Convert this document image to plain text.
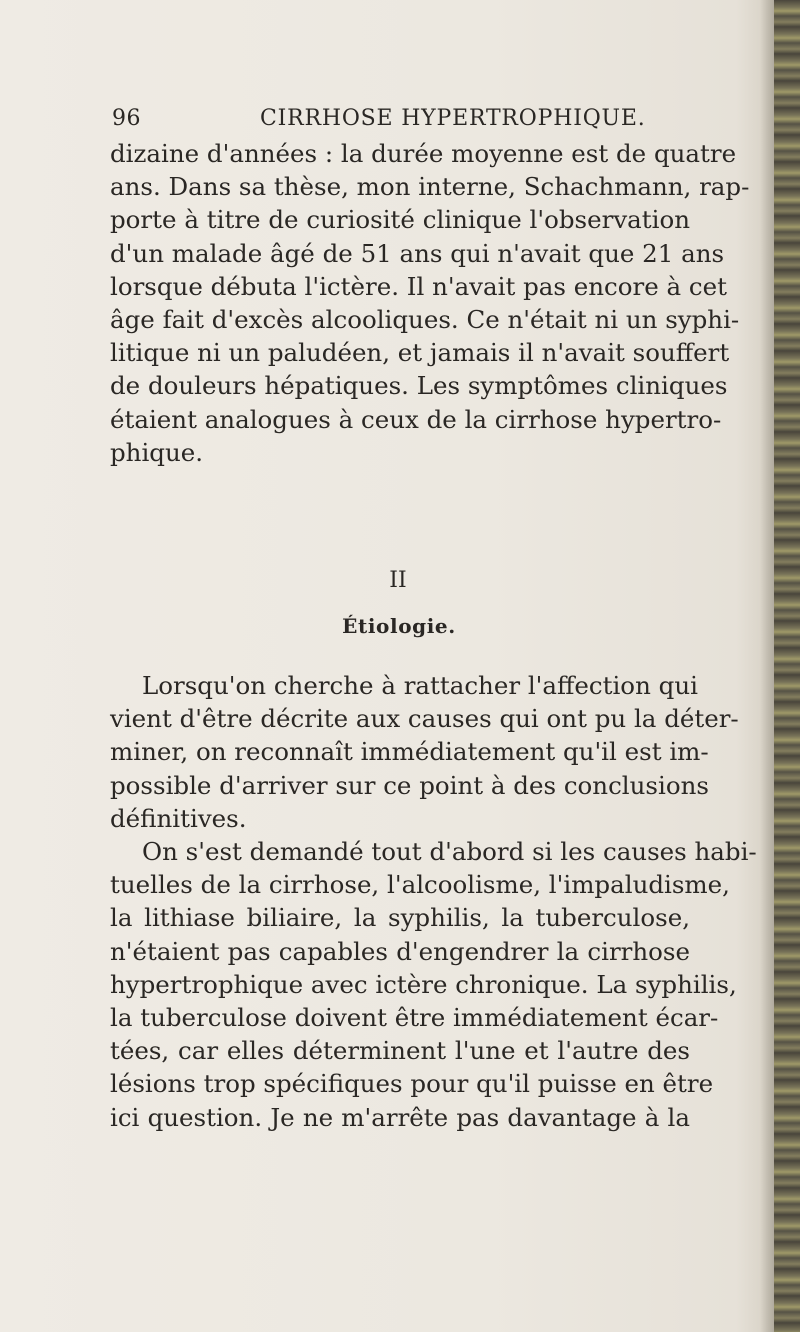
96	CIRRHOSE HYPERTROPHIQUE.
dizaine d'années : la durée moyenne est de quatre
ans. Dans sa thèse, mon interne, Schachmann, rap-
porte à titre de curiosité clinique l'observation
d'un malade âgé de 51 ans qui n'avait que 21 ans
lorsque débuta l'ictère. Il n'avait pas encore à cet
âge fait d'excès alcooliques. Ce n'était ni un syphi-
litique ni un paludéen, et jamais il n'avait souffert
de douleurs hépatiques. Les symptômes cliniques
étaient analogues à ceux de la cirrhose hypertro-
phique.
II
Étiologie.
Lorsqu'on cherche à rattacher l'affection qui
vient d'être décrite aux causes qui ont pu la déter-
miner, on reconnaît immédiatement qu'il est im-
possible d'arriver sur ce point à des conclusions
définitives.
On s'est demandé tout d'abord si les causes habi-
tuelles de la cirrhose, l'alcoolisme, l'impaludisme,
la lithiase biliaire, la syphilis, la tuberculose,
n'étaient pas capables d'engendrer la cirrhose
hypertrophique avec ictère chronique. La syphilis,
la tuberculose doivent être immédiatement écar-
tées, car elles déterminent l'une et l'autre des
lésions trop spécifiques pour qu'il puisse en être
ici question. Je ne m'arrête pas davantage à la
